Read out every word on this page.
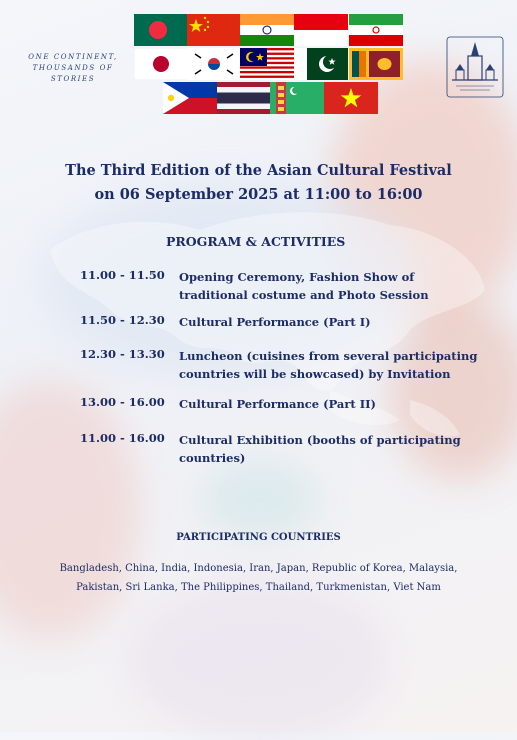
ONE CONTINENT,
THOUSANDS OF
STORIES
The Third Edition of the Asian Cultural Festival
on 06 September 2025 at 11:00 to 16:00
PROGRAM & ACTIVITIES
11.00 - 11.50	Opening Ceremony, Fashion Show of
traditional costume and Photo Session
11.50 - 12.30	Cultural Performance (Part I)
12.30 - 13.30	Luncheon (cuisines from several participating
countries will be showcased) by Invitation
13.00 - 16.00	Cultural Performance (Part II)
11.00 - 16.00	Cultural Exhibition (booths of participating
countries)
PARTICIPATING COUNTRIES
Bangladesh, China, India, Indonesia, Iran, Japan, Republic of Korea, Malaysia,
Pakistan, Sri Lanka, The Philippines, Thailand, Turkmenistan, Viet Nam
